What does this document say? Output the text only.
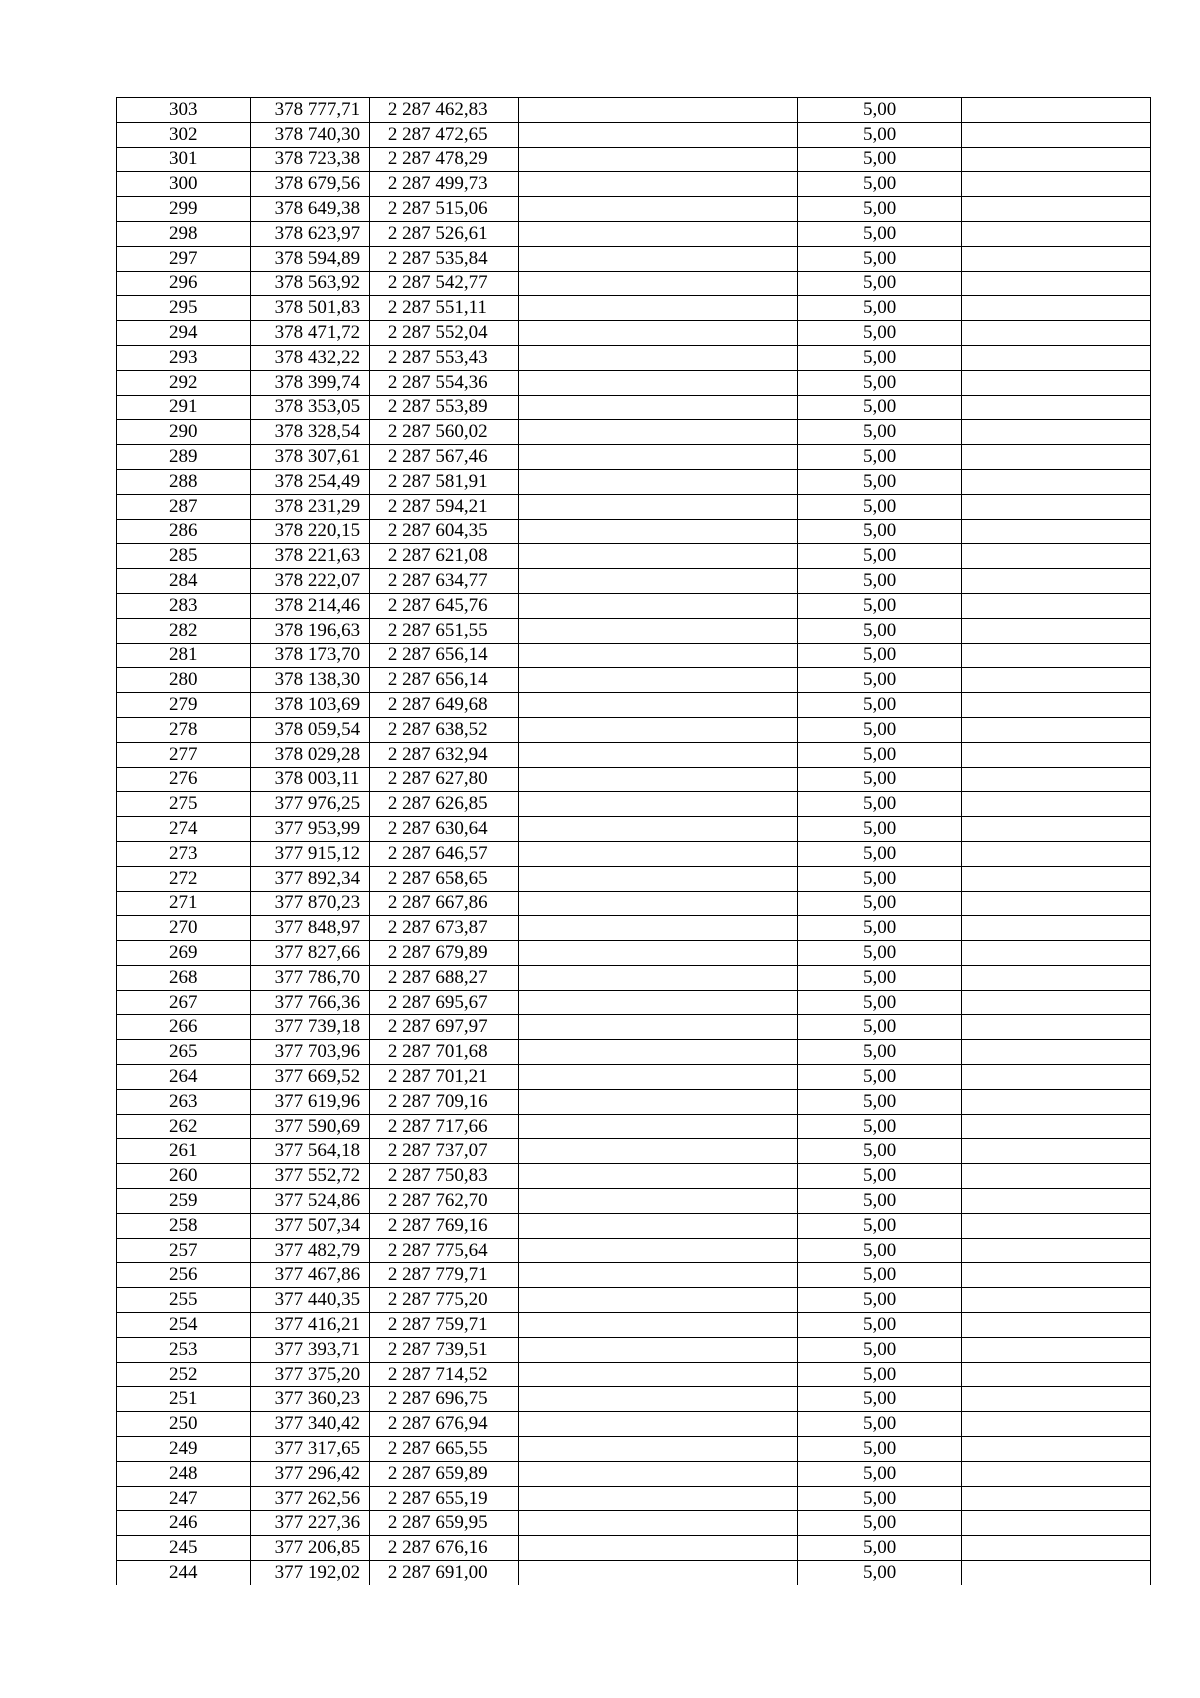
303	378 777,71	2 287 462,83		5,00	
302	378 740,30	2 287 472,65		5,00	
301	378 723,38	2 287 478,29		5,00	
300	378 679,56	2 287 499,73		5,00	
299	378 649,38	2 287 515,06		5,00	
298	378 623,97	2 287 526,61		5,00	
297	378 594,89	2 287 535,84		5,00	
296	378 563,92	2 287 542,77		5,00	
295	378 501,83	2 287 551,11		5,00	
294	378 471,72	2 287 552,04		5,00	
293	378 432,22	2 287 553,43		5,00	
292	378 399,74	2 287 554,36		5,00	
291	378 353,05	2 287 553,89		5,00	
290	378 328,54	2 287 560,02		5,00	
289	378 307,61	2 287 567,46		5,00	
288	378 254,49	2 287 581,91		5,00	
287	378 231,29	2 287 594,21		5,00	
286	378 220,15	2 287 604,35		5,00	
285	378 221,63	2 287 621,08		5,00	
284	378 222,07	2 287 634,77		5,00	
283	378 214,46	2 287 645,76		5,00	
282	378 196,63	2 287 651,55		5,00	
281	378 173,70	2 287 656,14		5,00	
280	378 138,30	2 287 656,14		5,00	
279	378 103,69	2 287 649,68		5,00	
278	378 059,54	2 287 638,52		5,00	
277	378 029,28	2 287 632,94		5,00	
276	378 003,11	2 287 627,80		5,00	
275	377 976,25	2 287 626,85		5,00	
274	377 953,99	2 287 630,64		5,00	
273	377 915,12	2 287 646,57		5,00	
272	377 892,34	2 287 658,65		5,00	
271	377 870,23	2 287 667,86		5,00	
270	377 848,97	2 287 673,87		5,00	
269	377 827,66	2 287 679,89		5,00	
268	377 786,70	2 287 688,27		5,00	
267	377 766,36	2 287 695,67		5,00	
266	377 739,18	2 287 697,97		5,00	
265	377 703,96	2 287 701,68		5,00	
264	377 669,52	2 287 701,21		5,00	
263	377 619,96	2 287 709,16		5,00	
262	377 590,69	2 287 717,66		5,00	
261	377 564,18	2 287 737,07		5,00	
260	377 552,72	2 287 750,83		5,00	
259	377 524,86	2 287 762,70		5,00	
258	377 507,34	2 287 769,16		5,00	
257	377 482,79	2 287 775,64		5,00	
256	377 467,86	2 287 779,71		5,00	
255	377 440,35	2 287 775,20		5,00	
254	377 416,21	2 287 759,71		5,00	
253	377 393,71	2 287 739,51		5,00	
252	377 375,20	2 287 714,52		5,00	
251	377 360,23	2 287 696,75		5,00	
250	377 340,42	2 287 676,94		5,00	
249	377 317,65	2 287 665,55		5,00	
248	377 296,42	2 287 659,89		5,00	
247	377 262,56	2 287 655,19		5,00	
246	377 227,36	2 287 659,95		5,00	
245	377 206,85	2 287 676,16		5,00	
244	377 192,02	2 287 691,00		5,00	
